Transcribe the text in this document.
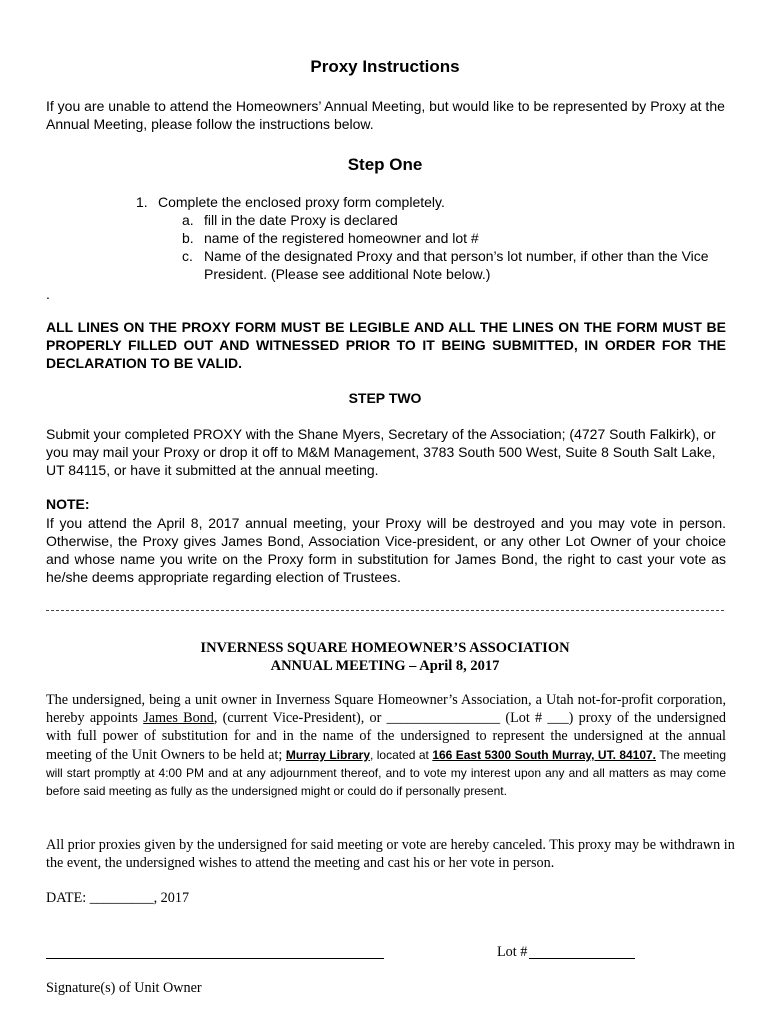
Proxy Instructions
If you are unable to attend the Homeowners’ Annual Meeting, but would like to be represented by Proxy at the Annual Meeting, please follow the instructions below.
Step One
1. Complete the enclosed proxy form completely.
a. fill in the date Proxy is declared
b. name of the registered homeowner and lot #
c. Name of the designated Proxy and that person’s lot number, if other than the Vice President. (Please see additional Note below.)
.
ALL LINES ON THE PROXY FORM MUST BE LEGIBLE AND ALL THE LINES ON THE FORM MUST BE PROPERLY FILLED OUT AND WITNESSED PRIOR TO IT BEING SUBMITTED, IN ORDER FOR THE DECLARATION TO BE VALID.
STEP TWO
Submit your completed PROXY with the Shane Myers, Secretary of the Association; (4727 South Falkirk), or you may mail your Proxy or drop it off to M&M Management, 3783 South 500 West, Suite 8 South Salt Lake, UT 84115, or have it submitted at the annual meeting.
NOTE:
If you attend the April 8, 2017 annual meeting, your Proxy will be destroyed and you may vote in person. Otherwise, the Proxy gives James Bond, Association Vice-president, or any other Lot Owner of your choice and whose name you write on the Proxy form in substitution for James Bond, the right to cast your vote as he/she deems appropriate regarding election of Trustees.
INVERNESS SQUARE HOMEOWNER’S ASSOCIATION
ANNUAL MEETING – April 8, 2017
The undersigned, being a unit owner in Inverness Square Homeowner’s Association, a Utah not-for-profit corporation, hereby appoints James Bond, (current Vice-President), or ________________ (Lot # ___) proxy of the undersigned with full power of substitution for and in the name of the undersigned to represent the undersigned at the annual meeting of the Unit Owners to be held at; Murray Library, located at 166 East 5300 South Murray, UT. 84107. The meeting will start promptly at 4:00 PM and at any adjournment thereof, and to vote my interest upon any and all matters as may come before said meeting as fully as the undersigned might or could do if personally present.
All prior proxies given by the undersigned for said meeting or vote are hereby canceled. This proxy may be withdrawn in the event, the undersigned wishes to attend the meeting and cast his or her vote in person.
DATE: _________, 2017
Lot #
Signature(s) of Unit Owner
